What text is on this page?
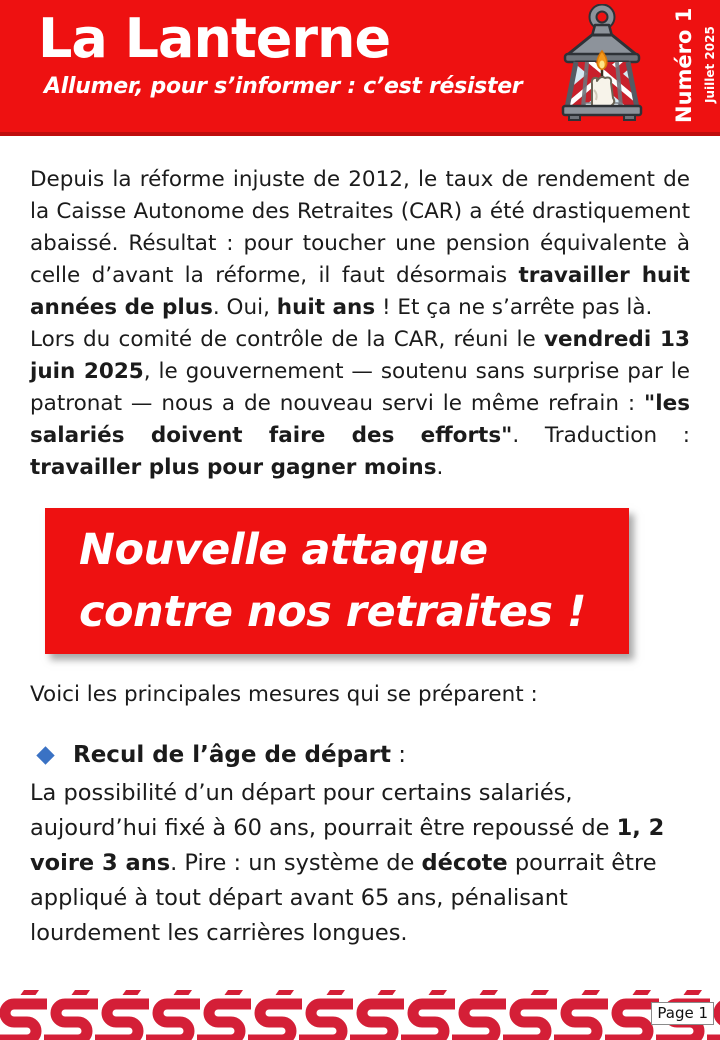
La Lanterne

Allumer, pour s’informer : c’est résister	Numéro 1 Juillet 2025

Depuis la réforme injuste de 2012, le taux de rendement de la Caisse Autonome des Retraites (CAR) a été drastiquement abaissé. Résultat : pour toucher une pension équivalente à celle d’avant la réforme, il faut désormais travailler huit années de plus. Oui, huit ans ! Et ça ne s’arrête pas là.

Lors du comité de contrôle de la CAR, réuni le vendredi 13 juin 2025, le gouvernement — soutenu sans surprise par le patronat — nous a de nouveau servi le même refrain : "les salariés doivent faire des efforts". Traduction : travailler plus pour gagner moins.

Nouvelle attaque
contre nos retraites !

Voici les principales mesures qui se préparent :

Recul de l’âge de départ :

La possibilité d’un départ pour certains salariés, aujourd’hui fixé à 60 ans, pourrait être repoussé de 1, 2 voire 3 ans. Pire : un système de décote pourrait être appliqué à tout départ avant 65 ans, pénalisant lourdement les carrières longues.

Page 1
